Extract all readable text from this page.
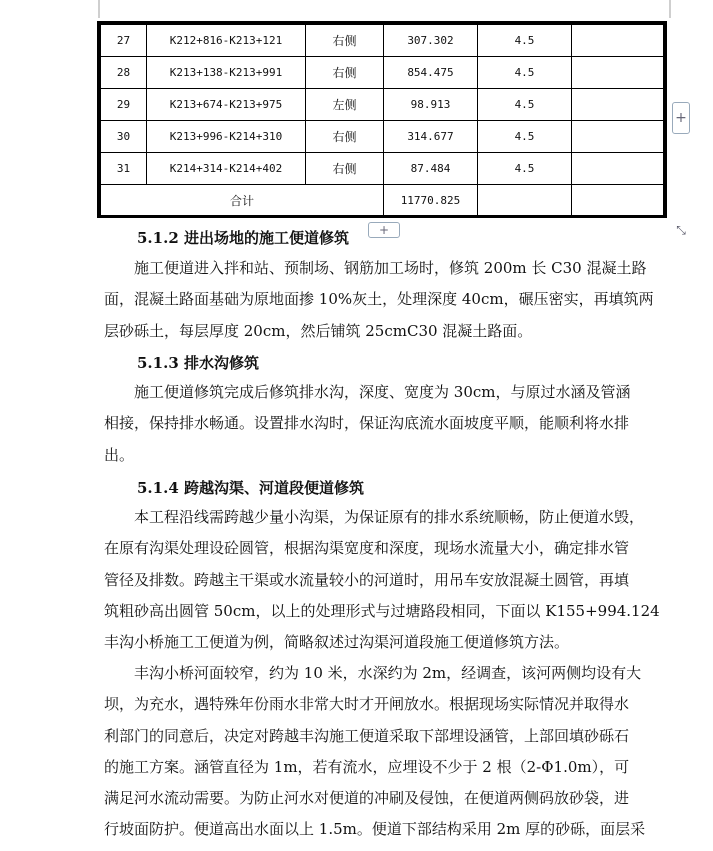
27	K212+816-K213+121	右侧	307.302	4.5	
28	K213+138-K213+991	右侧	854.475	4.5	
29	K213+674-K213+975	左侧	98.913	4.5	
30	K213+996-K214+310	右侧	314.677	4.5	
31	K214+314-K214+402	右侧	87.484	4.5	
合计			11770.825		
+
+	⤡
5.1.2 进出场地的施工便道修筑
施工便道进入拌和站、预制场、钢筋加工场时，修筑 200m 长 C30 混凝土路
面，混凝土路面基础为原地面掺 10%灰土，处理深度 40cm，碾压密实，再填筑两
层砂砾土，每层厚度 20cm，然后铺筑 25cmC30 混凝土路面。
5.1.3 排水沟修筑
施工便道修筑完成后修筑排水沟，深度、宽度为 30cm，与原过水涵及管涵
相接，保持排水畅通。设置排水沟时，保证沟底流水面坡度平顺，能顺利将水排
出。
5.1.4 跨越沟渠、河道段便道修筑
本工程沿线需跨越少量小沟渠，为保证原有的排水系统顺畅，防止便道水毁，
在原有沟渠处理设砼圆管，根据沟渠宽度和深度，现场水流量大小，确定排水管
管径及排数。跨越主干渠或水流量较小的河道时，用吊车安放混凝土圆管，再填
筑粗砂高出圆管 50cm，以上的处理形式与过塘路段相同，下面以 K155+994.124
丰沟小桥施工工便道为例，简略叙述过沟渠河道段施工便道修筑方法。
丰沟小桥河面较窄，约为 10 米，水深约为 2m，经调查，该河两侧均设有大
坝，为充水，遇特殊年份雨水非常大时才开闸放水。根据现场实际情况并取得水
利部门的同意后，决定对跨越丰沟施工便道采取下部埋设涵管，上部回填砂砾石
的施工方案。涵管直径为 1m，若有流水，应埋设不少于 2 根（2-Φ1.0m），可
满足河水流动需要。为防止河水对便道的冲刷及侵蚀，在便道两侧码放砂袋，进
行坡面防护。便道高出水面以上 1.5m。便道下部结构采用 2m 厚的砂砾，面层采
